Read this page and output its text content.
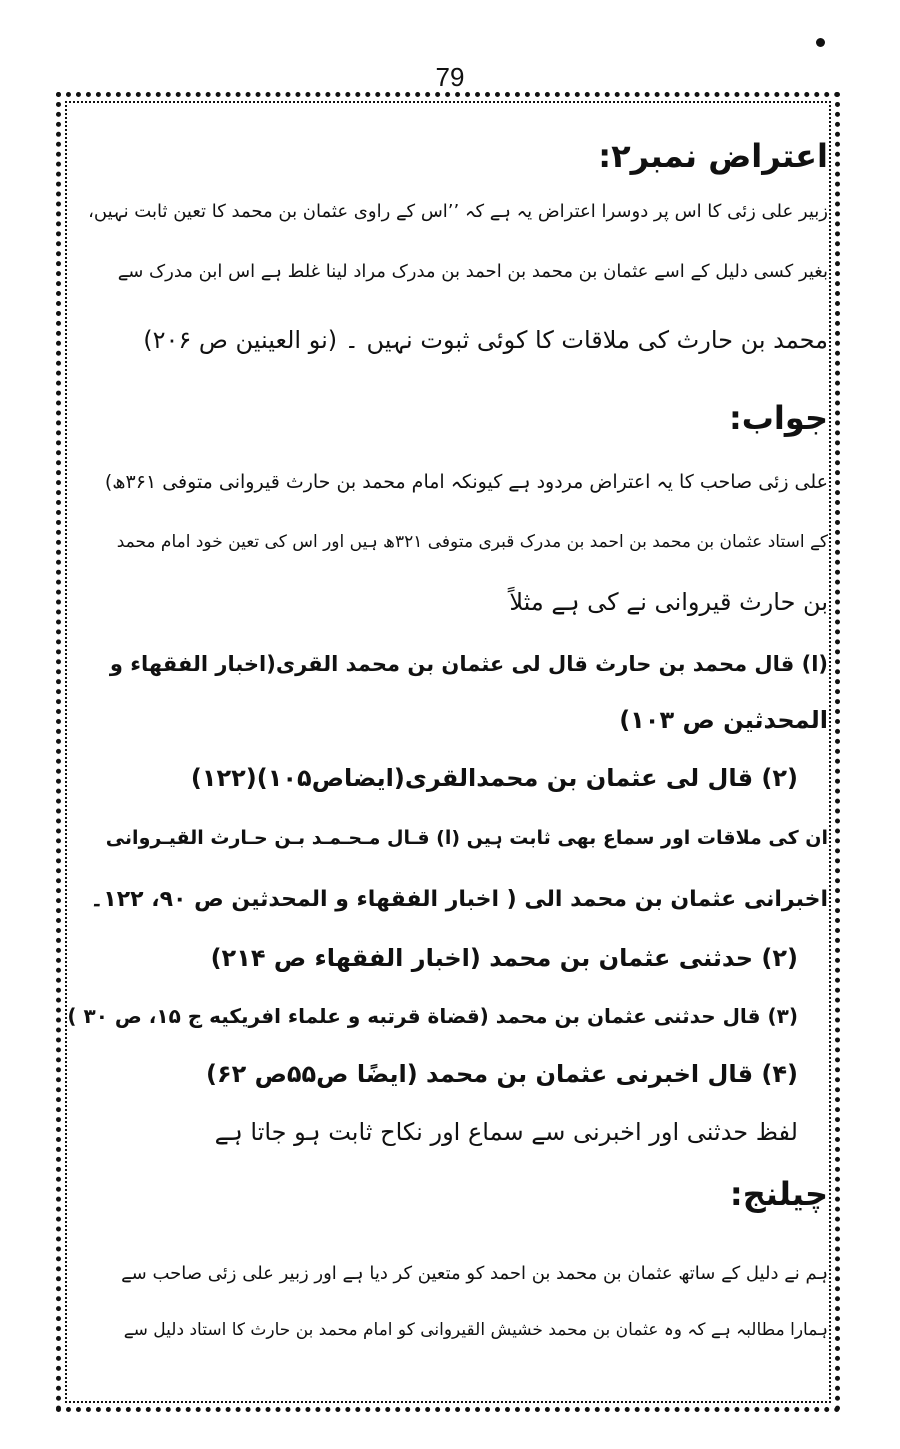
79
اعتراض نمبر۲:
زبیر علی زئی کا اس پر دوسرا اعتراض یہ ہے کہ ’’اس کے راوی عثمان بن محمد کا تعین ثابت نہیں،
بغیر کسی دلیل کے اسے عثمان بن محمد بن احمد بن مدرک مراد لینا غلط ہے اس ابن مدرک سے
محمد بن حارث کی ملاقات کا کوئی ثبوت نہیں ۔ (نو العینین ص ۲۰۶)
جواب:
علی زئی صاحب کا یہ اعتراض مردود ہے کیونکہ امام محمد بن حارث قیروانی متوفی ۳۶۱ھ)
کے استاد عثمان بن محمد بن احمد بن مدرک قبری متوفی ۳۲۱ھ ہیں اور اس کی تعین خود امام محمد
بن حارث قیروانی نے کی ہے مثلاً
(ا) قال محمد بن حارث قال لی عثمان بن محمد القری(اخبار الفقهاء و
المحدثین ص ۱۰۳)
(۲) قال لی عثمان بن محمدالقری(ایضاص۱۰۵)(۱۲۲)
ان کی ملاقات اور سماع بھی ثابت ہیں (ا) قـال مـحـمـد بـن حـارث القیـروانی
اخبرانی عثمان بن محمد الی ( اخبار الفقهاء و المحدثین ص ۹۰، ۱۲۲۔
(۲) حدثنی عثمان بن محمد (اخبار الفقهاء ص ۲۱۴)
(۳) قال حدثنی عثمان بن محمد (قضاة قرتبه و علماء افریکیه ج ۱۵، ص ۳۰ )
(۴) قال اخبرنی عثمان بن محمد (ایضًا ص۵۵ص ۶۲)
لفظ حدثنی اور اخبرنی سے سماع اور نکاح ثابت ہو جاتا ہے
چیلنج:
ہم نے دلیل کے ساتھ عثمان بن محمد بن احمد کو متعین کر دیا ہے اور زبیر علی زئی صاحب سے
ہمارا مطالبہ ہے کہ وہ عثمان بن محمد خشیش القیروانی کو امام محمد بن حارث کا استاد دلیل سے
